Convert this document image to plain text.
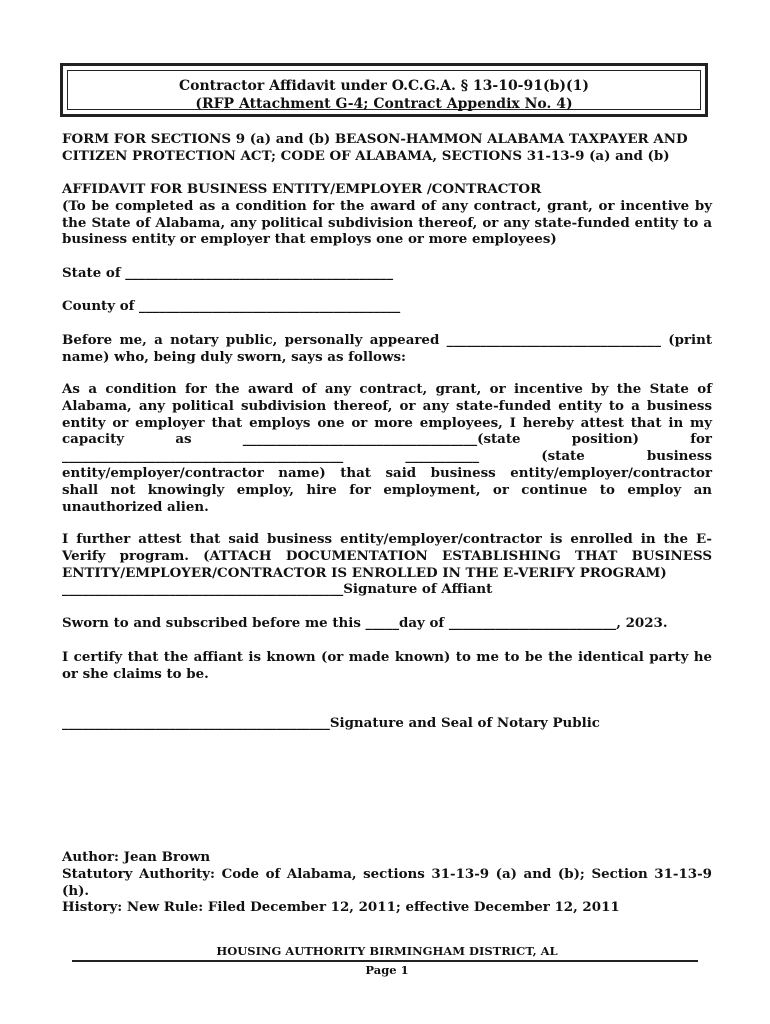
Contractor Affidavit under O.C.G.A. § 13-10-91(b)(1)
(RFP Attachment G-4; Contract Appendix No. 4)
FORM FOR SECTIONS 9 (a) and (b) BEASON-HAMMON ALABAMA TAXPAYER AND
CITIZEN PROTECTION ACT; CODE OF ALABAMA, SECTIONS 31-13-9 (a) and (b)
AFFIDAVIT FOR BUSINESS ENTITY/EMPLOYER /CONTRACTOR
(To be completed as a condition for the award of any contract, grant, or incentive by the State of Alabama, any political subdivision thereof, or any state-funded entity to a business entity or employer that employs one or more employees)
State of ________________________________________
County of _______________________________________
Before me, a notary public, personally appeared ________________________________ (print name) who, being duly sworn, says as follows:
As a condition for the award of any contract, grant, or incentive by the State of
Alabama, any political subdivision thereof, or any state-funded entity to a business
entity or employer that employs one or more employees, I hereby attest that in my
capacity as ___________________________________(state position) for
__________________________________________ ___________ (state business
entity/employer/contractor name) that said business entity/employer/contractor
shall not knowingly employ, hire for employment, or continue to employ an
unauthorized alien.
I further attest that said business entity/employer/contractor is enrolled in the E-
Verify program. (ATTACH DOCUMENTATION ESTABLISHING THAT BUSINESS
ENTITY/EMPLOYER/CONTRACTOR IS ENROLLED IN THE E-VERIFY PROGRAM)
__________________________________________Signature of Affiant
Sworn to and subscribed before me this _____day of _________________________, 2023.
I certify that the affiant is known (or made known) to me to be the identical party he or she claims to be.
________________________________________Signature and Seal of Notary Public
Author: Jean Brown
Statutory Authority: Code of Alabama, sections 31-13-9 (a) and (b); Section 31-13-9
(h).
History: New Rule: Filed December 12, 2011; effective December 12, 2011
HOUSING AUTHORITY BIRMINGHAM DISTRICT, AL
Page 1
